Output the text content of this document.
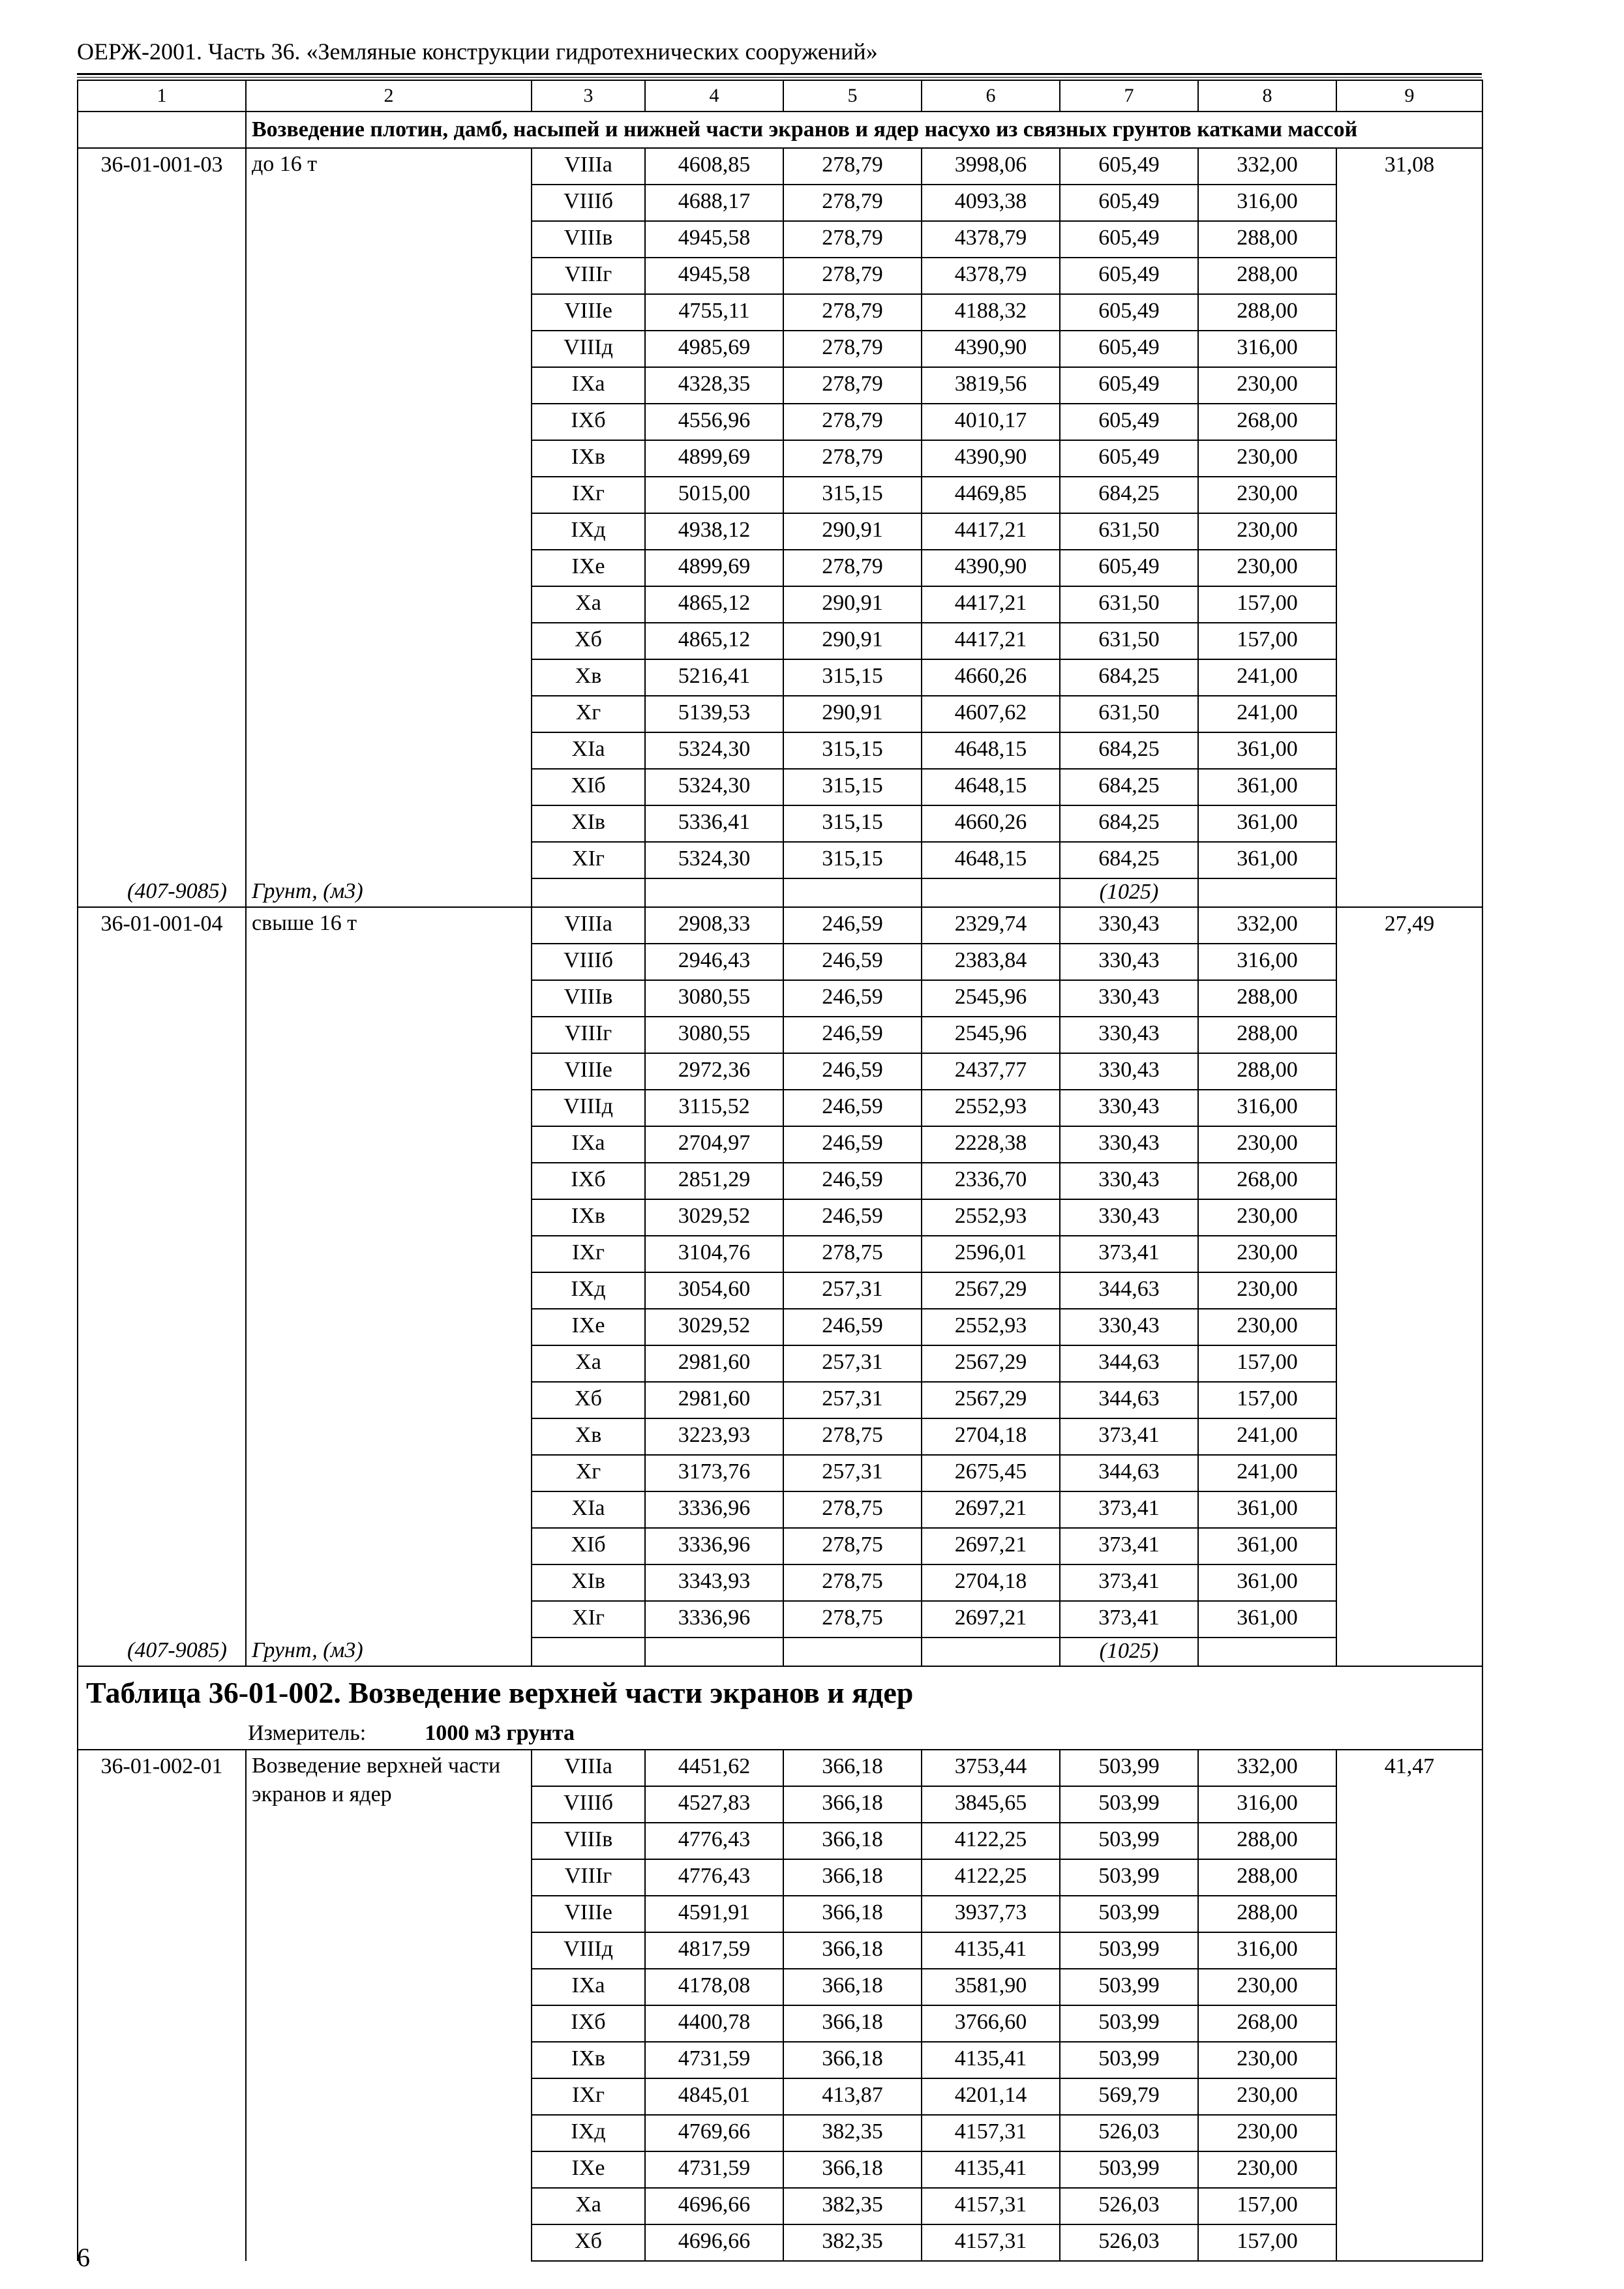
ОЕРЖ-2001. Часть 36. «Земляные конструкции гидротехнических сооружений»
1	2	3	4	5	6	7	8	9
	Возведение плотин, дамб, насыпей и нижней части экранов и ядер насухо из связных грунтов катками массой							
36-01-001-03	до 16 т	VIIIа	4608,85	278,79	3998,06	605,49	332,00	31,08
		VIIIб	4688,17	278,79	4093,38	605,49	316,00	
		VIIIв	4945,58	278,79	4378,79	605,49	288,00	
		VIIIг	4945,58	278,79	4378,79	605,49	288,00	
		VIIIе	4755,11	278,79	4188,32	605,49	288,00	
		VIIIд	4985,69	278,79	4390,90	605,49	316,00	
		IXа	4328,35	278,79	3819,56	605,49	230,00	
		IXб	4556,96	278,79	4010,17	605,49	268,00	
		IXв	4899,69	278,79	4390,90	605,49	230,00	
		IXг	5015,00	315,15	4469,85	684,25	230,00	
		IXд	4938,12	290,91	4417,21	631,50	230,00	
		IXе	4899,69	278,79	4390,90	605,49	230,00	
		Xа	4865,12	290,91	4417,21	631,50	157,00	
		Xб	4865,12	290,91	4417,21	631,50	157,00	
		Xв	5216,41	315,15	4660,26	684,25	241,00	
		Xг	5139,53	290,91	4607,62	631,50	241,00	
		XIа	5324,30	315,15	4648,15	684,25	361,00	
		XIб	5324,30	315,15	4648,15	684,25	361,00	
		XIв	5336,41	315,15	4660,26	684,25	361,00	
		XIг	5324,30	315,15	4648,15	684,25	361,00	
(407-9085)	Грунт, (м3)					(1025)		
36-01-001-04	свыше 16 т	VIIIа	2908,33	246,59	2329,74	330,43	332,00	27,49
		VIIIб	2946,43	246,59	2383,84	330,43	316,00	
		VIIIв	3080,55	246,59	2545,96	330,43	288,00	
		VIIIг	3080,55	246,59	2545,96	330,43	288,00	
		VIIIе	2972,36	246,59	2437,77	330,43	288,00	
		VIIIд	3115,52	246,59	2552,93	330,43	316,00	
		IXа	2704,97	246,59	2228,38	330,43	230,00	
		IXб	2851,29	246,59	2336,70	330,43	268,00	
		IXв	3029,52	246,59	2552,93	330,43	230,00	
		IXг	3104,76	278,75	2596,01	373,41	230,00	
		IXд	3054,60	257,31	2567,29	344,63	230,00	
		IXе	3029,52	246,59	2552,93	330,43	230,00	
		Xа	2981,60	257,31	2567,29	344,63	157,00	
		Xб	2981,60	257,31	2567,29	344,63	157,00	
		Xв	3223,93	278,75	2704,18	373,41	241,00	
		Xг	3173,76	257,31	2675,45	344,63	241,00	
		XIа	3336,96	278,75	2697,21	373,41	361,00	
		XIб	3336,96	278,75	2697,21	373,41	361,00	
		XIв	3343,93	278,75	2704,18	373,41	361,00	
		XIг	3336,96	278,75	2697,21	373,41	361,00	
(407-9085)	Грунт, (м3)					(1025)		
Таблица 36-01-002. Возведение верхней части экранов и ядер								
Измеритель: 1000 м3 грунта								
36-01-002-01	Возведение верхней части экранов и ядер	VIIIа	4451,62	366,18	3753,44	503,99	332,00	41,47
		VIIIб	4527,83	366,18	3845,65	503,99	316,00	
		VIIIв	4776,43	366,18	4122,25	503,99	288,00	
		VIIIг	4776,43	366,18	4122,25	503,99	288,00	
		VIIIе	4591,91	366,18	3937,73	503,99	288,00	
		VIIIд	4817,59	366,18	4135,41	503,99	316,00	
		IXа	4178,08	366,18	3581,90	503,99	230,00	
		IXб	4400,78	366,18	3766,60	503,99	268,00	
		IXв	4731,59	366,18	4135,41	503,99	230,00	
		IXг	4845,01	413,87	4201,14	569,79	230,00	
		IXд	4769,66	382,35	4157,31	526,03	230,00	
		IXе	4731,59	366,18	4135,41	503,99	230,00	
		Xа	4696,66	382,35	4157,31	526,03	157,00	
		Xб	4696,66	382,35	4157,31	526,03	157,00	
6
